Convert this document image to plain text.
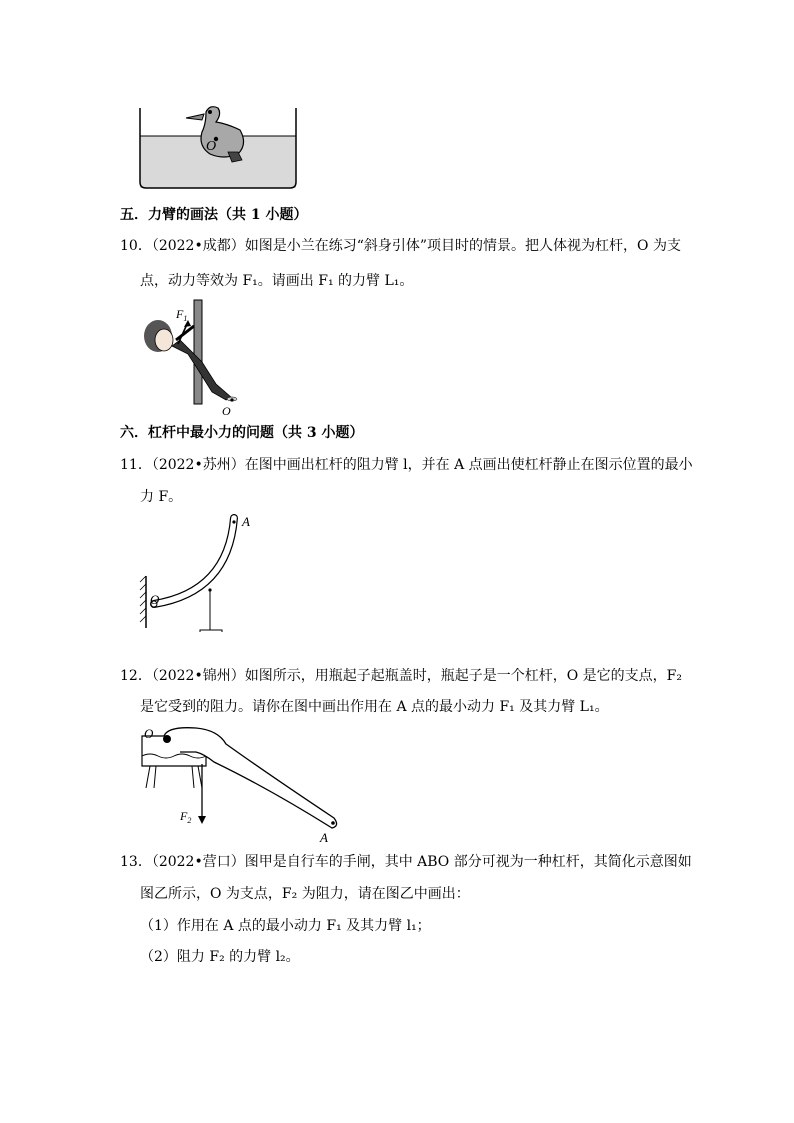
O
五．力臂的画法（共 1 小题）
10．（2022•成都）如图是小兰在练习“斜身引体”项目时的情景。把人体视为杠杆，O 为支
点，动力等效为 F₁。请画出 F₁ 的力臂 L₁。
$F_1$
O
六．杠杆中最小力的问题（共 3 小题）
11．（2022•苏州）在图中画出杠杆的阻力臂 l，并在 A 点画出使杠杆静止在图示位置的最小
力 F。
A
O
12．（2022•锦州）如图所示，用瓶起子起瓶盖时，瓶起子是一个杠杆，O 是它的支点，F₂
是它受到的阻力。请你在图中画出作用在 A 点的最小动力 F₁ 及其力臂 L₁。
O
$F_2$
A
13．（2022•营口）图甲是自行车的手闸，其中 ABO 部分可视为一种杠杆，其简化示意图如
图乙所示，O 为支点，F₂ 为阻力，请在图乙中画出：
（1）作用在 A 点的最小动力 F₁ 及其力臂 l₁；
（2）阻力 F₂ 的力臂 l₂。
